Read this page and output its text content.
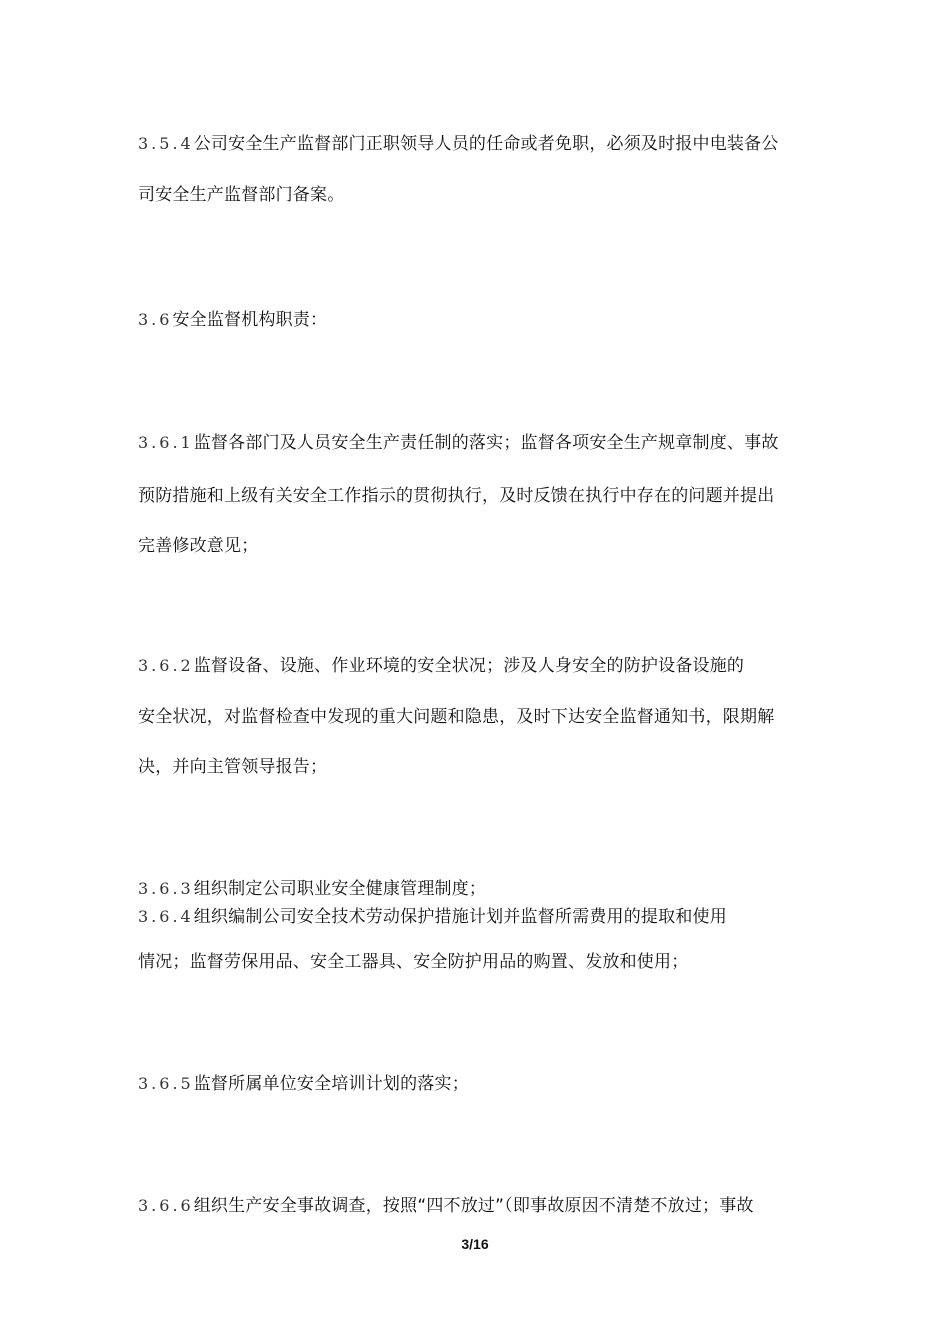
3.5.4公司安全生产监督部门正职领导人员的任命或者免职，必须及时报中电装备公
司安全生产监督部门备案。
3.6安全监督机构职责：
3.6.1监督各部门及人员安全生产责任制的落实；监督各项安全生产规章制度、事故
预防措施和上级有关安全工作指示的贯彻执行，及时反馈在执行中存在的问题并提出
完善修改意见；
3.6.2监督设备、设施、作业环境的安全状况；涉及人身安全的防护设备设施的
安全状况，对监督检查中发现的重大问题和隐患，及时下达安全监督通知书，限期解
决，并向主管领导报告；
3.6.3组织制定公司职业安全健康管理制度；
3.6.4组织编制公司安全技术劳动保护措施计划并监督所需费用的提取和使用
情况；监督劳保用品、安全工器具、安全防护用品的购置、发放和使用；
3.6.5监督所属单位安全培训计划的落实；
3.6.6组织生产安全事故调查，按照“四不放过”（即事故原因不清楚不放过；事故
3/16
